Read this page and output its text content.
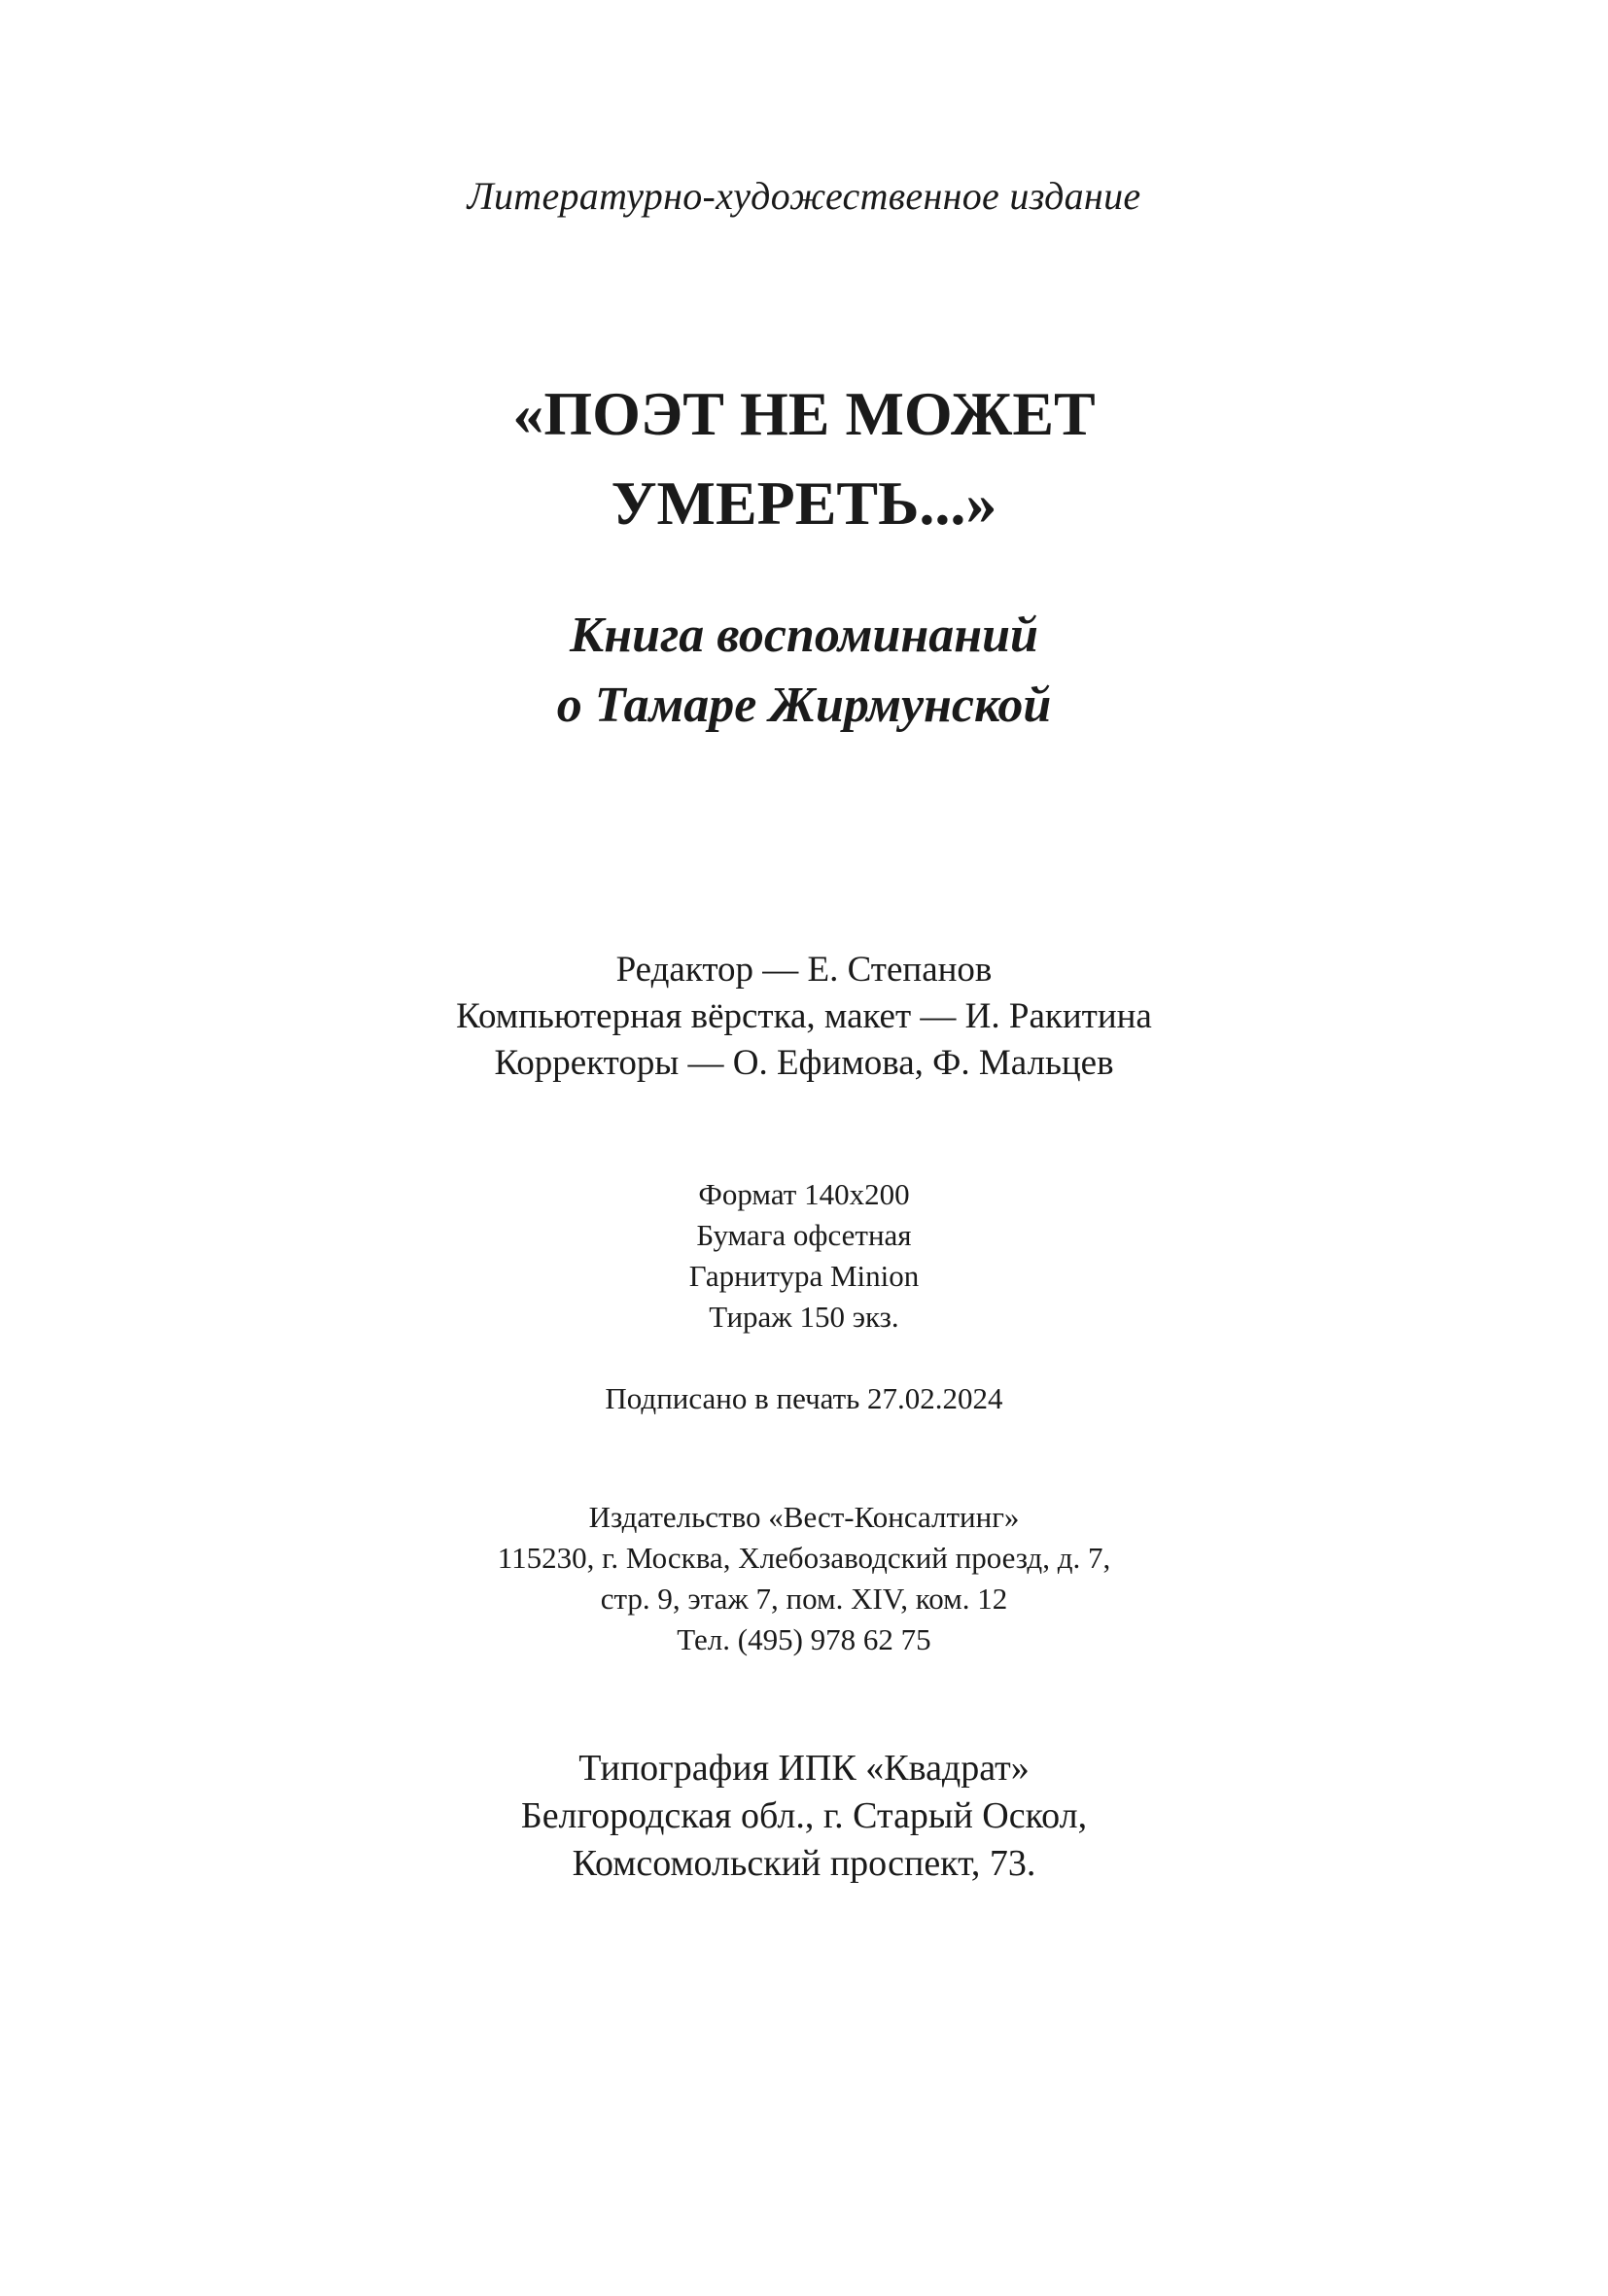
Литературно-художественное издание
«ПОЭТ НЕ МОЖЕТ
УМЕРЕТЬ...»
Книга воспоминаний
о Тамаре Жирмунской
Редактор — Е. Степанов
Компьютерная вёрстка, макет — И. Ракитина
Корректоры — О. Ефимова, Ф. Мальцев
Формат 140x200
Бумага офсетная
Гарнитура Minion
Тираж 150 экз.
Подписано в печать 27.02.2024
Издательство «Вест-Консалтинг»
115230, г. Москва, Хлебозаводский проезд, д. 7,
стр. 9, этаж 7, пом. XIV, ком. 12
Тел. (495) 978 62 75
Типография ИПК «Квадрат»
Белгородская обл., г. Старый Оскол,
Комсомольский проспект, 73.
